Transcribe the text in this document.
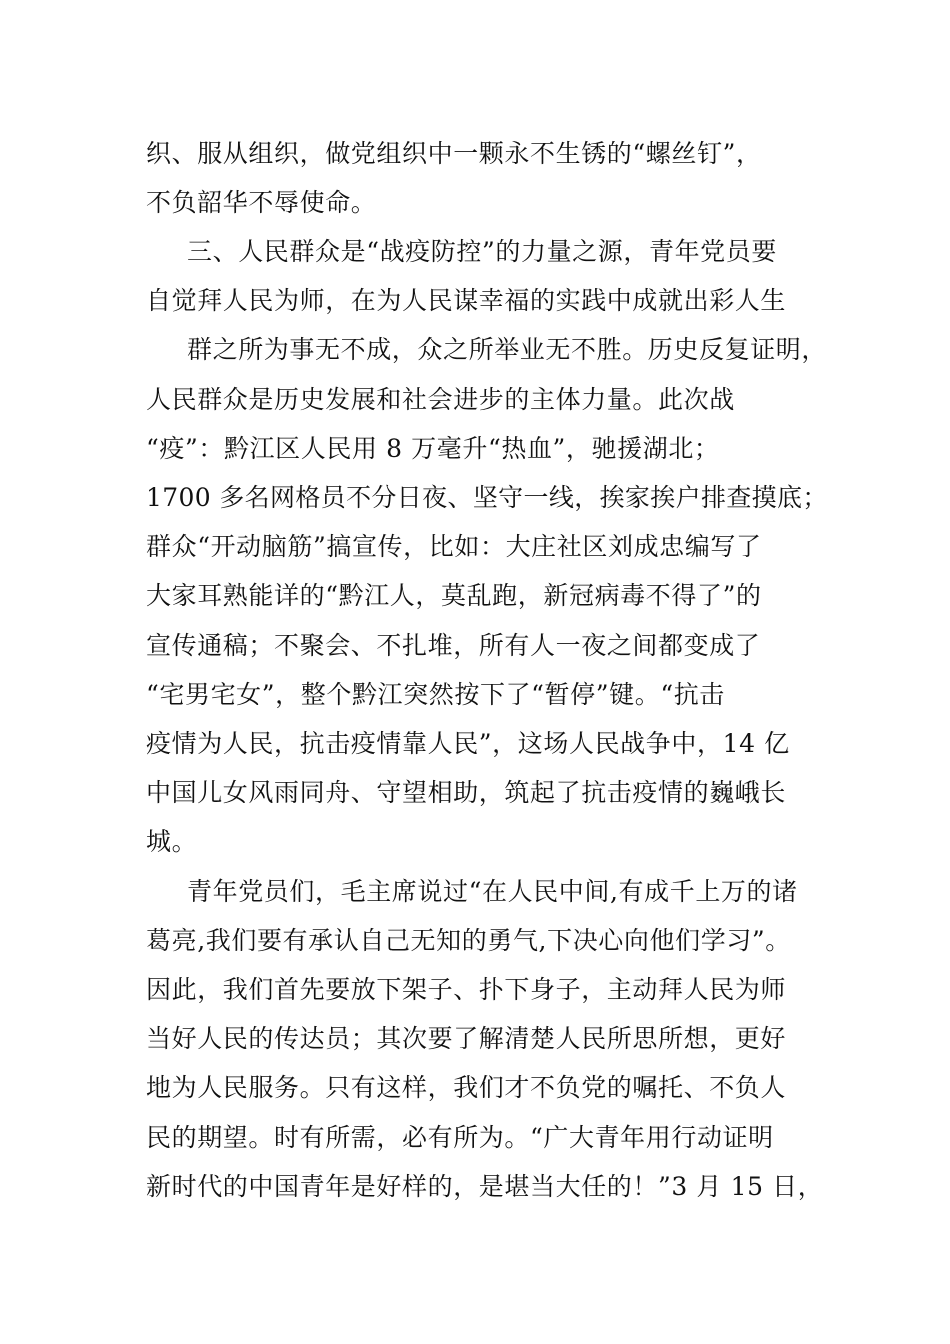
织、服从组织，做党组织中一颗永不生锈的“螺丝钉”，
不负韶华不辱使命。
三、人民群众是“战疫防控”的力量之源，青年党员要
自觉拜人民为师，在为人民谋幸福的实践中成就出彩人生
群之所为事无不成，众之所举业无不胜。历史反复证明，
人民群众是历史发展和社会进步的主体力量。此次战
“疫”：黔江区人民用 8 万毫升“热血”，驰援湖北；
1700 多名网格员不分日夜、坚守一线，挨家挨户排查摸底；
群众“开动脑筋”搞宣传，比如：大庄社区刘成忠编写了
大家耳熟能详的“黔江人，莫乱跑，新冠病毒不得了”的
宣传通稿；不聚会、不扎堆，所有人一夜之间都变成了
“宅男宅女”，整个黔江突然按下了“暂停”键。“抗击
疫情为人民，抗击疫情靠人民”，这场人民战争中，14 亿
中国儿女风雨同舟、守望相助，筑起了抗击疫情的巍峨长
城。
青年党员们，毛主席说过“在人民中间,有成千上万的诸
葛亮,我们要有承认自己无知的勇气,下决心向他们学习”。
因此，我们首先要放下架子、扑下身子，主动拜人民为师
当好人民的传达员；其次要了解清楚人民所思所想，更好
地为人民服务。只有这样，我们才不负党的嘱托、不负人
民的期望。时有所需，必有所为。“广大青年用行动证明
新时代的中国青年是好样的，是堪当大任的！”3 月 15 日，
